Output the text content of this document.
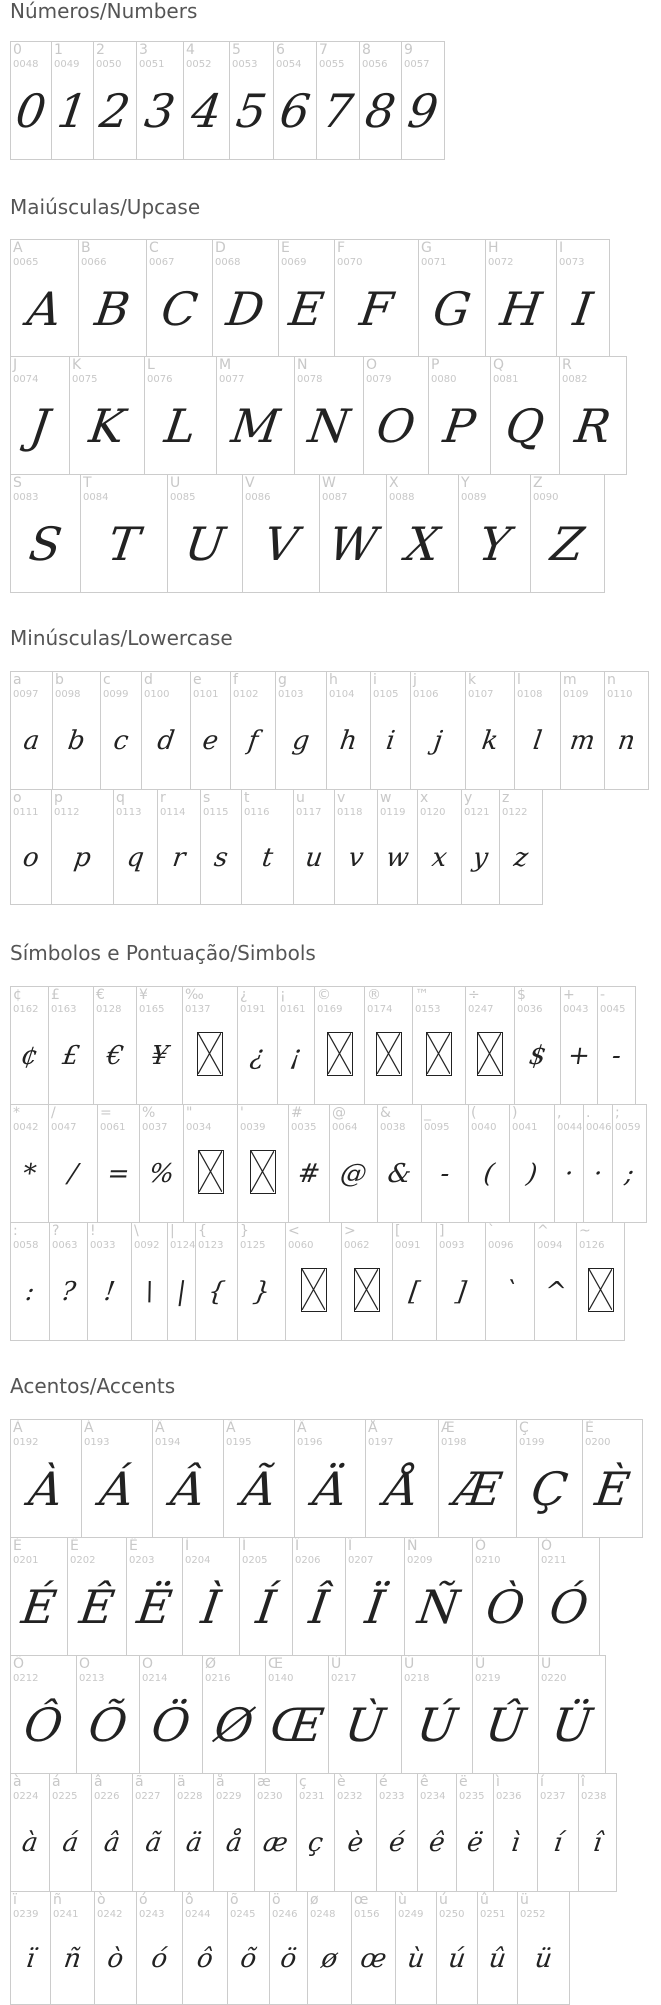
Números/Numbers
0
0048
0
1
0049
1
2
0050
2
3
0051
3
4
0052
4
5
0053
5
6
0054
6
7
0055
7
8
0056
8
9
0057
9
Maiúsculas/Upcase
A
0065
A
B
0066
B
C
0067
C
D
0068
D
E
0069
E
F
0070
F
G
0071
G
H
0072
H
I
0073
I
J
0074
J
K
0075
K
L
0076
L
M
0077
M
N
0078
N
O
0079
O
P
0080
P
Q
0081
Q
R
0082
R
S
0083
S
T
0084
T
U
0085
U
V
0086
V
W
0087
W
X
0088
X
Y
0089
Y
Z
0090
Z
Minúsculas/Lowercase
a
0097
a
b
0098
b
c
0099
c
d
0100
d
e
0101
e
f
0102
f
g
0103
g
h
0104
h
i
0105
i
j
0106
j
k
0107
k
l
0108
l
m
0109
m
n
0110
n
o
0111
o
p
0112
p
q
0113
q
r
0114
r
s
0115
s
t
0116
t
u
0117
u
v
0118
v
w
0119
w
x
0120
x
y
0121
y
z
0122
z
Símbolos e Pontuação/Simbols
¢
0162
¢
£
0163
£
€
0128
€
¥
0165
¥
‰
0137
¿
0191
¿
¡
0161
¡
©
0169
®
0174
™
0153
÷
0247
$
0036
$
+
0043
+
-
0045
-
*
0042
*
/
0047
/
=
0061
=
%
0037
%
"
0034
'
0039
#
0035
#
@
0064
@
&
0038
&
_
0095
-
(
0040
(
)
0041
)
,
0044
·
.
0046
·
;
0059
;
:
0058
:
?
0063
?
!
0033
!
\
0092
\
|
0124
|
{
0123
{
}
0125
}
<
0060
>
0062
[
0091
[
]
0093
]
`
0096
`
^
0094
^
~
0126
Acentos/Accents
À
0192
À
Á
0193
Á
Â
0194
Â
Ã
0195
Ã
Ä
0196
Ä
Å
0197
Å
Æ
0198
Æ
Ç
0199
Ç
È
0200
È
É
0201
É
Ê
0202
Ê
Ë
0203
Ë
Ì
0204
Ì
Í
0205
Í
Î
0206
Î
Ï
0207
Ï
Ñ
0209
Ñ
Ò
0210
Ò
Ó
0211
Ó
Ô
0212
Ô
Õ
0213
Õ
Ö
0214
Ö
Ø
0216
Ø
Œ
0140
Œ
Ù
0217
Ù
Ú
0218
Ú
Û
0219
Û
Ü
0220
Ü
à
0224
à
á
0225
á
â
0226
â
ã
0227
ã
ä
0228
ä
å
0229
å
æ
0230
æ
ç
0231
ç
è
0232
è
é
0233
é
ê
0234
ê
ë
0235
ë
ì
0236
ì
í
0237
í
î
0238
î
ï
0239
ï
ñ
0241
ñ
ò
0242
ò
ó
0243
ó
ô
0244
ô
õ
0245
õ
ö
0246
ö
ø
0248
ø
œ
0156
œ
ù
0249
ù
ú
0250
ú
û
0251
û
ü
0252
ü
